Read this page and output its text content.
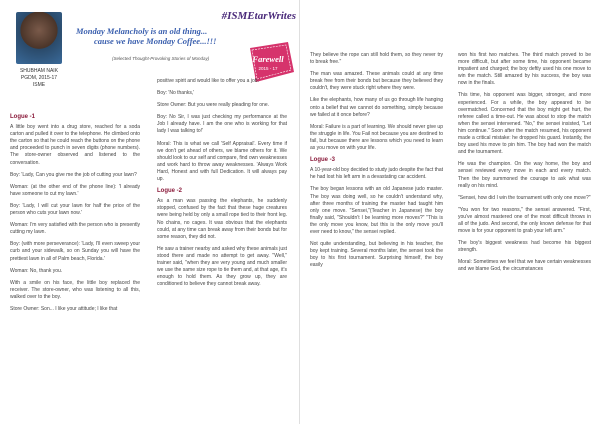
SHUBHAM NAIK
PGDM, 2015-17
ISME
Monday Melancholy is an old thing...
cause we have Monday Coffee...!!!
(Selected Thought-Provoking Stories of Monday)	Farewell
2015 - 17

Logue -1

A little boy went into a drug store, reached for a soda carton and pulled it over to the telephone. He climbed onto the carton so that he could reach the buttons on the phone and proceeded to punch in seven digits (phone numbers). The store-owner observed and listened to the conversation.

Boy: 'Lady, Can you give me the job of cutting your lawn?

Woman: (at the other end of the phone line): 'I already have someone to cut my lawn.'

Boy: 'Lady, I will cut your lawn for half the price of the person who cuts your lawn now.'

Woman: I'm very satisfied with the person who is presently cutting my lawn.

Boy: (with more perseverance): 'Lady, I'll even sweep your curb and your sidewalk, so on Sunday you will have the prettiest lawn in all of Palm beach, Florida.'

Woman: No, thank you.

With a smile on his face, the little boy replaced the receiver. The store-owner, who was listening to all this, walked over to the boy.

Store Owner: Son... I like your attitude; I like that

positive spirit and would like to offer you a job.'

Boy: 'No thanks,'

Store Owner: But you were really pleading for one.

Boy: No Sir, I was just checking my performance at the Job I already have. I am the one who is working for that lady I was talking to!'

Moral: This is what we call 'Self Appraisal'. Every time if we don't get ahead of others, we blame others for it. We should look to our self and compare, find own weaknesses and work hard to throw away weaknesses. 'Always Work Hard, Honest and with full Dedication. It will always pay up.

Logue -2

As a man was passing the elephants, he suddenly stopped, confused by the fact that these huge creatures were being held by only a small rope tied to their front leg. No chains, no cages. It was obvious that the elephants could, at any time can break away from their bonds but for some reason, they did not.

He saw a trainer nearby and asked why these animals just stood there and made no attempt to get away. "Well," trainer said, "when they are very young and much smaller we use the same size rope to tie them and, at that age, it's enough to hold them. As they grow up, they are conditioned to believe they cannot break away.

#ISMEtarWrites

They believe the rope can still hold them, so they never try to break free."

The man was amazed. These animals could at any time break free from their bonds but because they believed they couldn't, they were stuck right where they were.

Like the elephants, how many of us go through life hanging onto a belief that we cannot do something, simply because we failed at it once before?

Moral: Failure is a part of learning. We should never give up the struggle in life. You Fail not because you are destined to fail, but because there are lessons which you need to learn as you move on with your life.

Logue -3

A 10-year-old boy decided to study judo despite the fact that he had lost his left arm in a devastating car accident.

The boy began lessons with an old Japanese judo master. The boy was doing well, so he couldn't understand why, after three months of training the master had taught him only one move. "Sensei,"(Teacher in Japanese) the boy finally said, "Shouldn't I be learning more moves?" "This is the only move you know, but this is the only move you'll ever need to know," the sensei replied.

Not quite understanding, but believing in his teacher, the boy kept training. Several months later, the sensei took the boy to his first tournament. Surprising himself, the boy easily

won his first two matches. The third match proved to be more difficult, but after some time, his opponent became impatient and charged; the boy deftly used his one move to win the match. Still amazed by his success, the boy was now in the finals.

This time, his opponent was bigger, stronger, and more experienced. For a while, the boy appeared to be overmatched. Concerned that the boy might get hurt, the referee called a time-out. He was about to stop the match when the sensei intervened. "No," the sensei insisted, "Let him continue." Soon after the match resumed, his opponent made a critical mistake: he dropped his guard. Instantly, the boy used his move to pin him. The boy had won the match and the tournament.

He was the champion. On the way home, the boy and sensei reviewed every move in each and every match. Then the boy summoned the courage to ask what was really on his mind.

"Sensei, how did I win the tournament with only one move?"

"You won for two reasons," the sensei answered. "First, you've almost mastered one of the most difficult throws in all of the judo. And second, the only known defense for that move is for your opponent to grab your left arm."

The boy's biggest weakness had become his biggest strength.

Moral: Sometimes we feel that we have certain weaknesses and we blame God, the circumstances
